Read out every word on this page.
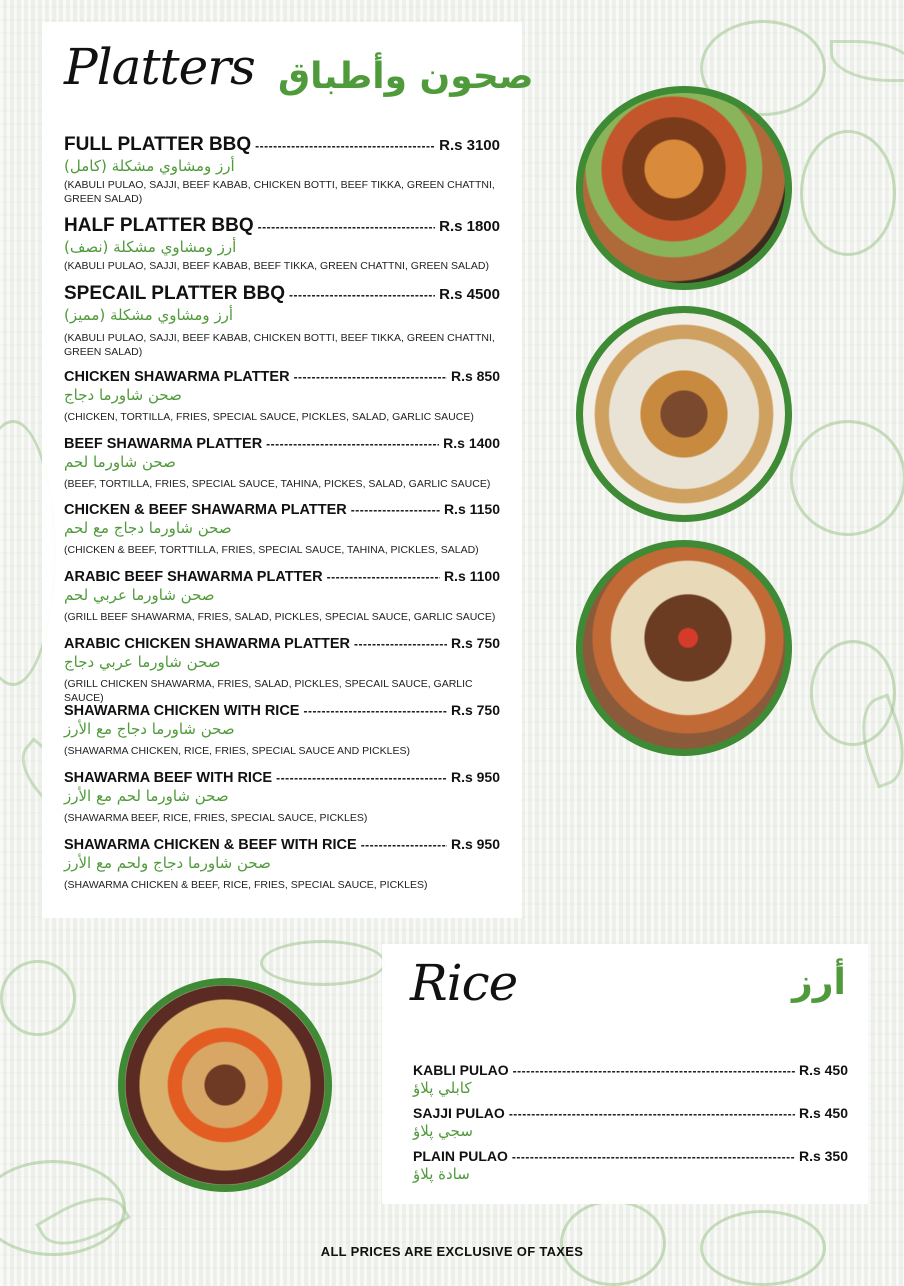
Platters صحون وأطباق
FULL PLATTER BBQ -----	R.s 3100
أرز ومشاوي مشكلة (كامل)
(KABULI PULAO, SAJJI, BEEF KABAB, CHICKEN BOTTI, BEEF TIKKA, GREEN CHATTNI, GREEN SALAD)
HALF PLATTER BBQ -----	R.s 1800
أرز ومشاوي مشكلة (نصف)
(KABULI PULAO, SAJJI, BEEF KABAB, BEEF TIKKA, GREEN CHATTNI, GREEN SALAD)
SPECAIL PLATTER BBQ -----	R.s 4500
أرز ومشاوي مشكلة (مميز)
(KABULI PULAO, SAJJI, BEEF KABAB, CHICKEN BOTTI, BEEF TIKKA, GREEN CHATTNI, GREEN SALAD)
CHICKEN SHAWARMA PLATTER -----	R.s 850
صحن شاورما دجاج
(CHICKEN, TORTILLA, FRIES, SPECIAL SAUCE, PICKLES, SALAD, GARLIC SAUCE)
BEEF SHAWARMA PLATTER -----	R.s 1400
صحن شاورما لحم
(BEEF, TORTILLA, FRIES, SPECIAL SAUCE, TAHINA, PICKES, SALAD, GARLIC SAUCE)
CHICKEN & BEEF SHAWARMA PLATTER -----	R.s 1150
صحن شاورما دجاج مع لحم
(CHICKEN & BEEF, TORTTILLA, FRIES, SPECIAL SAUCE, TAHINA, PICKLES, SALAD)
ARABIC BEEF SHAWARMA PLATTER -----	R.s 1100
صحن شاورما عربي لحم
(GRILL BEEF SHAWARMA, FRIES, SALAD, PICKLES, SPECIAL SAUCE, GARLIC SAUCE)
ARABIC CHICKEN SHAWARMA PLATTER -----	R.s 750
صحن شاورما عربي دجاج
(GRILL CHICKEN SHAWARMA, FRIES, SALAD, PICKLES, SPECAIL SAUCE, GARLIC SAUCE)
SHAWARMA CHICKEN WITH RICE -----	R.s 750
صحن شاورما دجاج مع الأرز
(SHAWARMA CHICKEN, RICE, FRIES, SPECIAL SAUCE AND PICKLES)
SHAWARMA BEEF WITH RICE -----	R.s 950
صحن شاورما لحم مع الأرز
(SHAWARMA BEEF, RICE, FRIES, SPECIAL SAUCE, PICKLES)
SHAWARMA CHICKEN & BEEF WITH RICE -----	R.s 950
صحن شاورما دجاج ولحم مع الأرز
(SHAWARMA CHICKEN & BEEF, RICE, FRIES, SPECIAL SAUCE, PICKLES)
Rice	أرز
KABLI PULAO -----	R.s 450
كابلي پلاؤ
SAJJI PULAO -----	R.s 450
سجي پلاؤ
PLAIN PULAO -----	R.s 350
سادة پلاؤ
ALL PRICES ARE EXCLUSIVE OF TAXES
